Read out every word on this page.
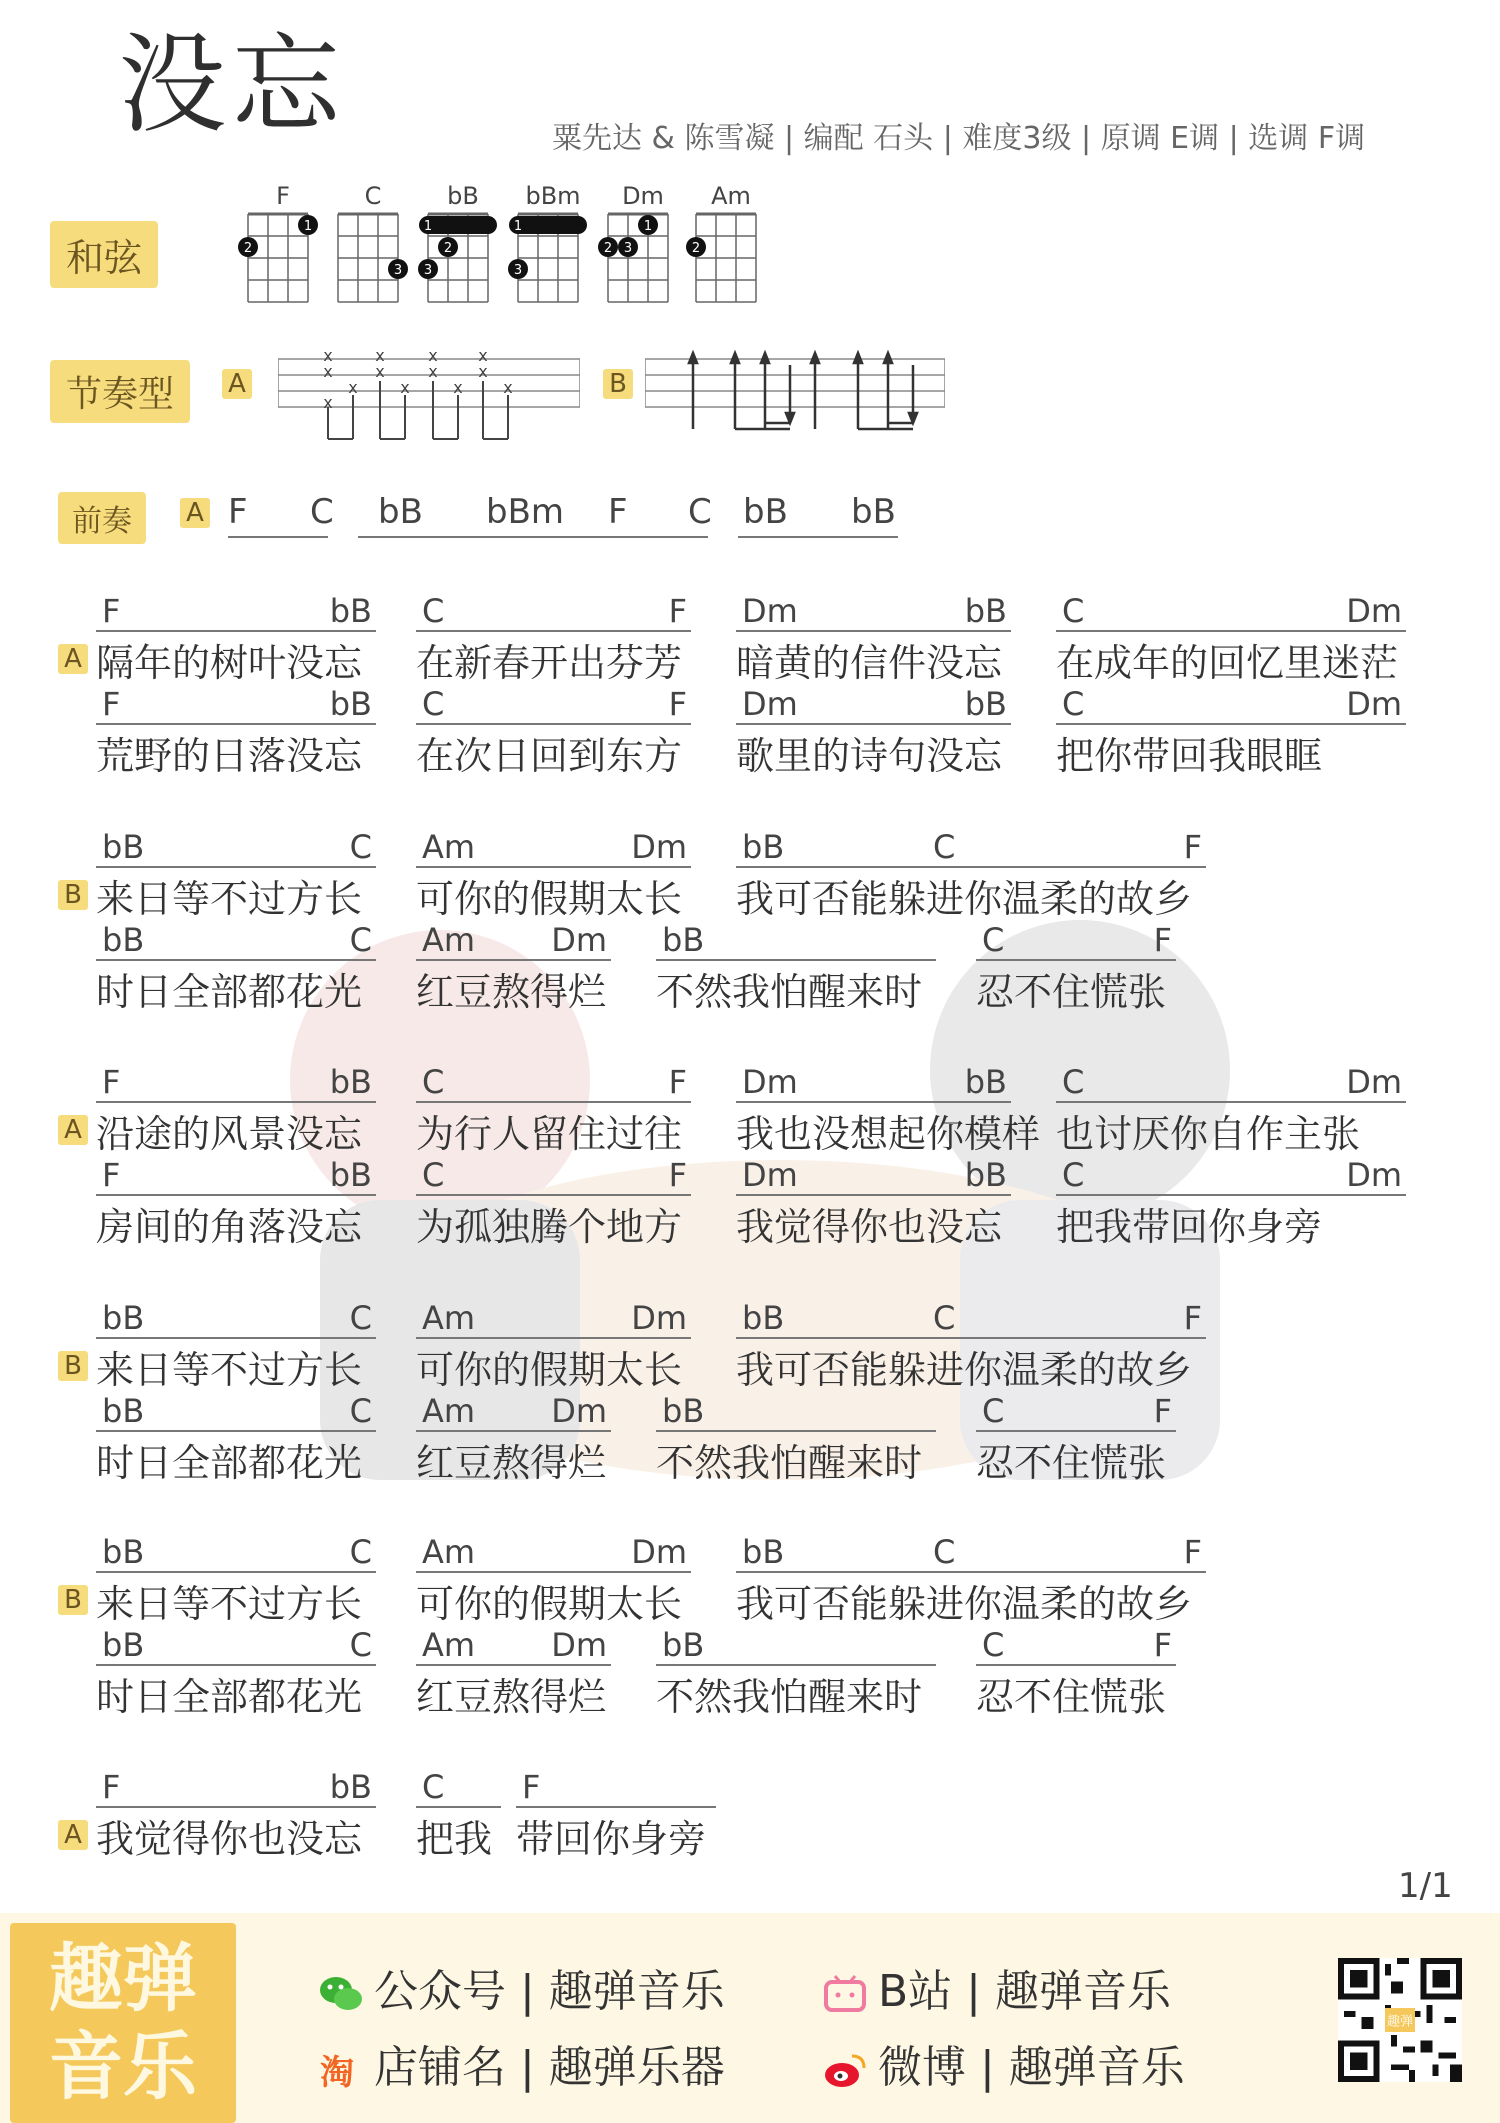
没忘	粟先达 & 陈雪凝 | 编配 石头 | 难度3级 | 原调 E调 | 选调 F调
和弦
节奏型
前奏
F
2
1
C
3
bB
1
2
3
bBm
1
3
Dm
2 3
1
Am
2
A
x
x
x
x
x
x
x
x
x
x
x
x
x	B
A F C bB bBm F C bB bB
A
F	bB
隔年的树叶没忘
C	F
在新春开出芬芳
Dm	bB
暗黄的信件没忘
C	Dm
在成年的回忆里迷茫
F	bB
荒野的日落没忘
C	F
在次日回到东方
Dm	bB
歌里的诗句没忘
C	Dm
把你带回我眼眶
B
bB	C
来日等不过方长
Am	Dm
可你的假期太长
bB	C	F
我可否能躲进你温柔的故乡
bB	C
时日全部都花光
Am Dm
红豆熬得烂
bB
不然我怕醒来时
C	F
忍不住慌张
A
F	bB
沿途的风景没忘
C	F
为行人留住过往
Dm	bB
我也没想起你模样
C	Dm
也讨厌你自作主张
F	bB
房间的角落没忘
C	F
为孤独腾个地方
Dm	bB
我觉得你也没忘
C	Dm
把我带回你身旁
B
bB	C
来日等不过方长
Am	Dm
可你的假期太长
bB	C	F
我可否能躲进你温柔的故乡
bB	C
时日全部都花光
Am Dm
红豆熬得烂
bB
不然我怕醒来时
C	F
忍不住慌张
B
bB	C
来日等不过方长
Am	Dm
可你的假期太长
bB	C	F
我可否能躲进你温柔的故乡
bB	C
时日全部都花光
Am Dm
红豆熬得烂
bB
不然我怕醒来时
C	F
忍不住慌张
A
F	bB
我觉得你也没忘
C
把我
F
带回你身旁
1/1
趣弹
音乐
公众号 | 趣弹音乐
淘 店铺名 | 趣弹乐器
B站 | 趣弹音乐
微博 | 趣弹音乐
趣弹
